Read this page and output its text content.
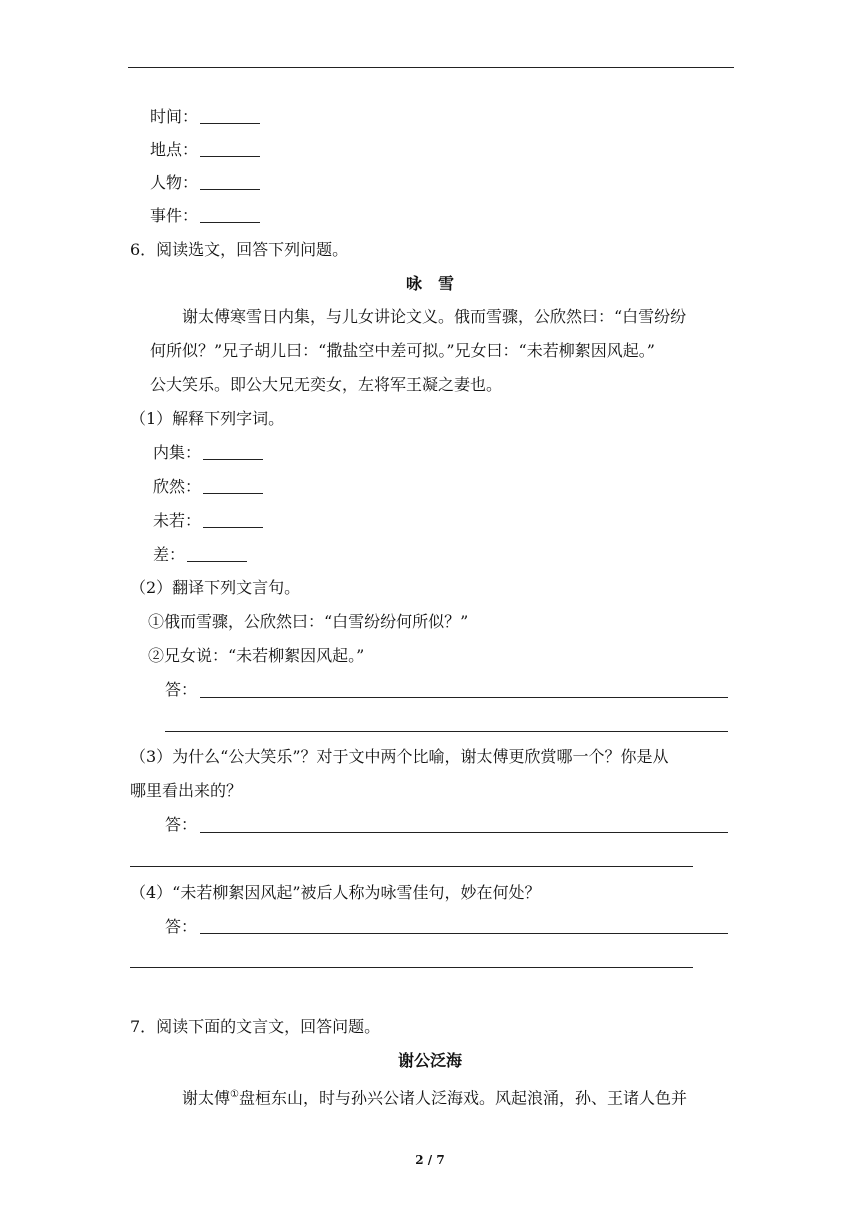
时间：
地点：
人物：
事件：
6．阅读选文，回答下列问题。
咏　雪
谢太傅寒雪日内集，与儿女讲论文义。俄而雪骤，公欣然曰：“白雪纷纷
何所似？”兄子胡儿曰：“撒盐空中差可拟。”兄女曰：“未若柳絮因风起。”
公大笑乐。即公大兄无奕女，左将军王凝之妻也。
（1）解释下列字词。
内集：
欣然：
未若：
差：
（2）翻译下列文言句。
①俄而雪骤，公欣然曰：“白雪纷纷何所似？”
②兄女说：“未若柳絮因风起。”
答：
（3）为什么“公大笑乐”？对于文中两个比喻，谢太傅更欣赏哪一个？你是从
哪里看出来的？
答：
（4）“未若柳絮因风起”被后人称为咏雪佳句，妙在何处？
答：
7．阅读下面的文言文，回答问题。
谢公泛海
谢太傅①盘桓东山，时与孙兴公诸人泛海戏。风起浪涌，孙、王诸人色并
2 / 7
